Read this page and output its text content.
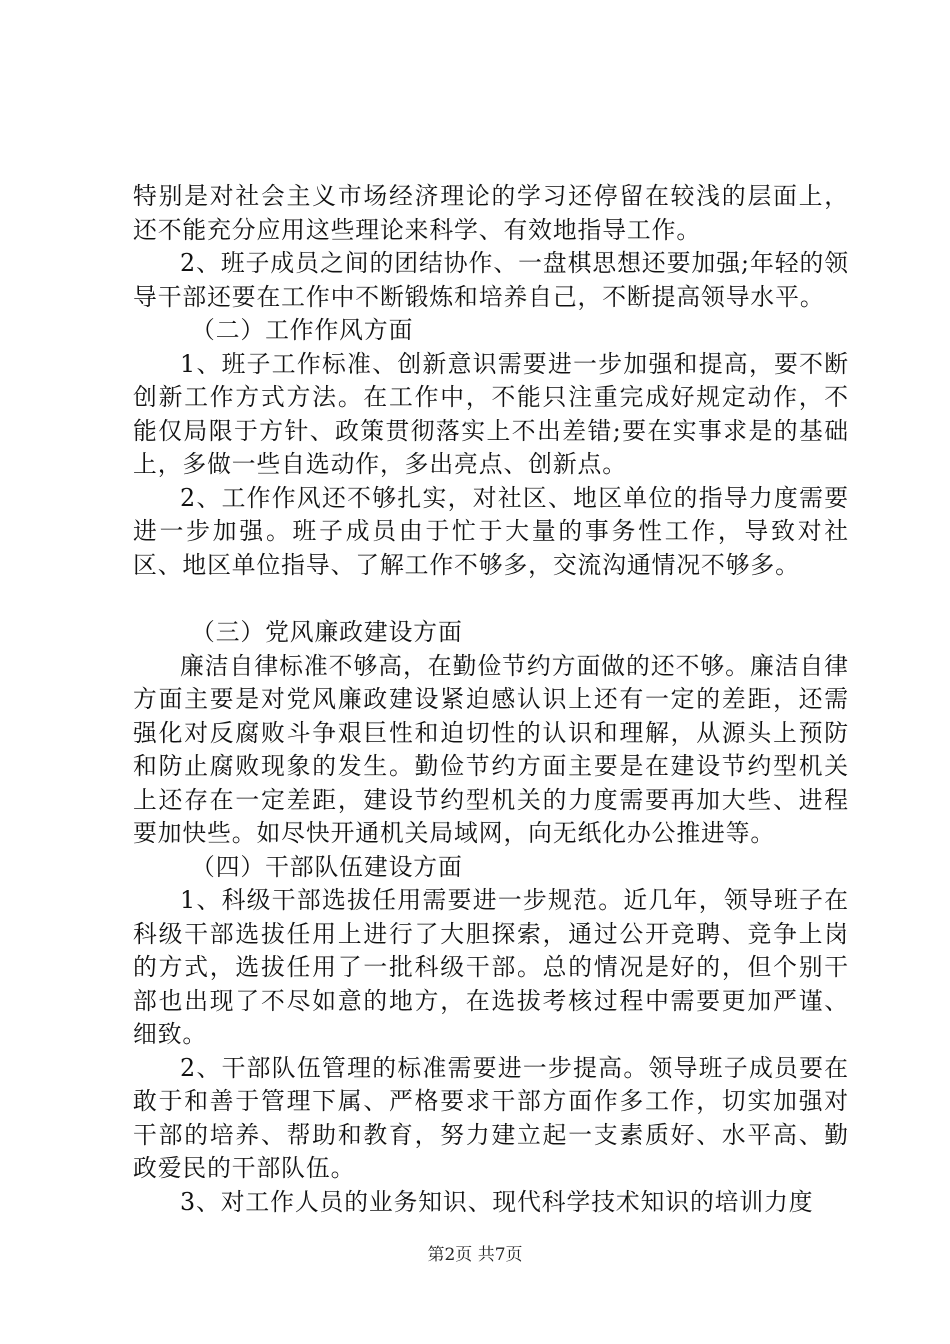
特别是对社会主义市场经济理论的学习还停留在较浅的层面上，还不能充分应用这些理论来科学、有效地指导工作。

2、班子成员之间的团结协作、一盘棋思想还要加强;年轻的领导干部还要在工作中不断锻炼和培养自己，不断提高领导水平。

（二）工作作风方面

1、班子工作标准、创新意识需要进一步加强和提高，要不断创新工作方式方法。在工作中，不能只注重完成好规定动作，不能仅局限于方针、政策贯彻落实上不出差错;要在实事求是的基础上，多做一些自选动作，多出亮点、创新点。

2、工作作风还不够扎实，对社区、地区单位的指导力度需要进一步加强。班子成员由于忙于大量的事务性工作，导致对社区、地区单位指导、了解工作不够多，交流沟通情况不够多。

（三）党风廉政建设方面

廉洁自律标准不够高，在勤俭节约方面做的还不够。廉洁自律方面主要是对党风廉政建设紧迫感认识上还有一定的差距，还需强化对反腐败斗争艰巨性和迫切性的认识和理解，从源头上预防和防止腐败现象的发生。勤俭节约方面主要是在建设节约型机关上还存在一定差距，建设节约型机关的力度需要再加大些、进程要加快些。如尽快开通机关局域网，向无纸化办公推进等。

（四）干部队伍建设方面

1、科级干部选拔任用需要进一步规范。近几年，领导班子在科级干部选拔任用上进行了大胆探索，通过公开竞聘、竞争上岗的方式，选拔任用了一批科级干部。总的情况是好的，但个别干部也出现了不尽如意的地方，在选拔考核过程中需要更加严谨、细致。

2、干部队伍管理的标准需要进一步提高。领导班子成员要在敢于和善于管理下属、严格要求干部方面作多工作，切实加强对干部的培养、帮助和教育，努力建立起一支素质好、水平高、勤政爱民的干部队伍。

3、对工作人员的业务知识、现代科学技术知识的培训力度

第2页 共7页
